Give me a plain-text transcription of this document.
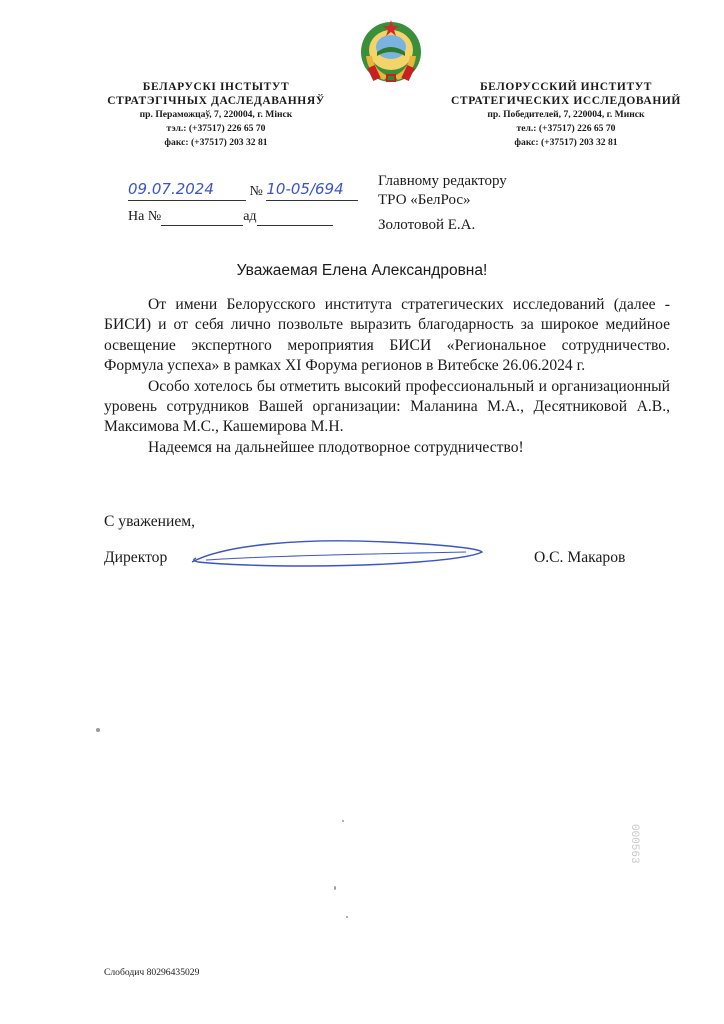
БЕЛАРУСКІ ІНСТЫТУТ
СТРАТЭГІЧНЫХ ДАСЛЕДАВАННЯЎ
пр. Пераможцаў, 7, 220004, г. Мінск
тэл.: (+37517) 226 65 70
факс: (+37517) 203 32 81
БЕЛОРУССКИЙ ИНСТИТУТ
СТРАТЕГИЧЕСКИХ ИССЛЕДОВАНИЙ
пр. Победителей, 7, 220004, г. Минск
тел.: (+37517) 226 65 70
факс: (+37517) 203 32 81
09.07.2024	№ 10-05/694
На №	ад
Главному редактору
ТРО «БелРос»
Золотовой Е.А.
Уважаемая Елена Александровна!

От имени Белорусского института стратегических исследований (далее - БИСИ) и от себя лично позвольте выразить благодарность за широкое медийное освещение экспертного мероприятия БИСИ «Региональное сотрудничество. Формула успеха» в рамках XI Форума регионов в Витебске 26.06.2024 г.

Особо хотелось бы отметить высокий профессиональный и организационный уровень сотрудников Вашей организации: Маланина М.А., Десятниковой А.В., Максимова М.С., Кашемирова М.Н.

Надеемся на дальнейшее плодотворное сотрудничество!

С уважением,
Директор	О.С. Макаров
Слободич 80296435029
000563
